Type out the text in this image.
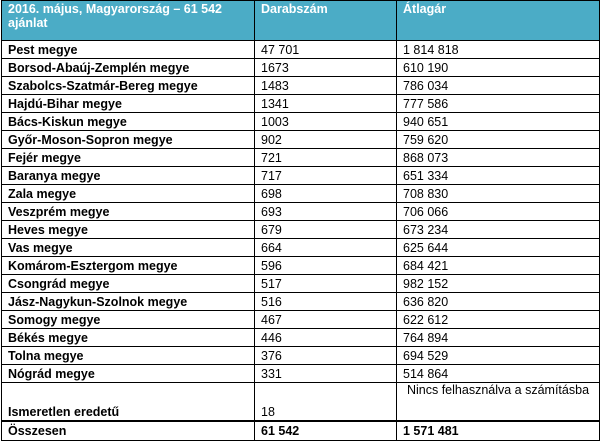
2016. május, Magyarország – 61 542 ajánlat	Darabszám	Átlagár
Pest megye	47 701	1 814 818
Borsod-Abaúj-Zemplén megye	1673	610 190
Szabolcs-Szatmár-Bereg megye	1483	786 034
Hajdú-Bihar megye	1341	777 586
Bács-Kiskun megye	1003	940 651
Győr-Moson-Sopron megye	902	759 620
Fejér megye	721	868 073
Baranya megye	717	651 334
Zala megye	698	708 830
Veszprém megye	693	706 066
Heves megye	679	673 234
Vas megye	664	625 644
Komárom-Esztergom megye	596	684 421
Csongrád megye	517	982 152
Jász-Nagykun-Szolnok megye	516	636 820
Somogy megye	467	622 612
Békés megye	446	764 894
Tolna megye	376	694 529
Nógrád megye	331	514 864
Ismeretlen eredetű	18	Nincs felhasználva a számításba
Összesen	61 542	1 571 481
